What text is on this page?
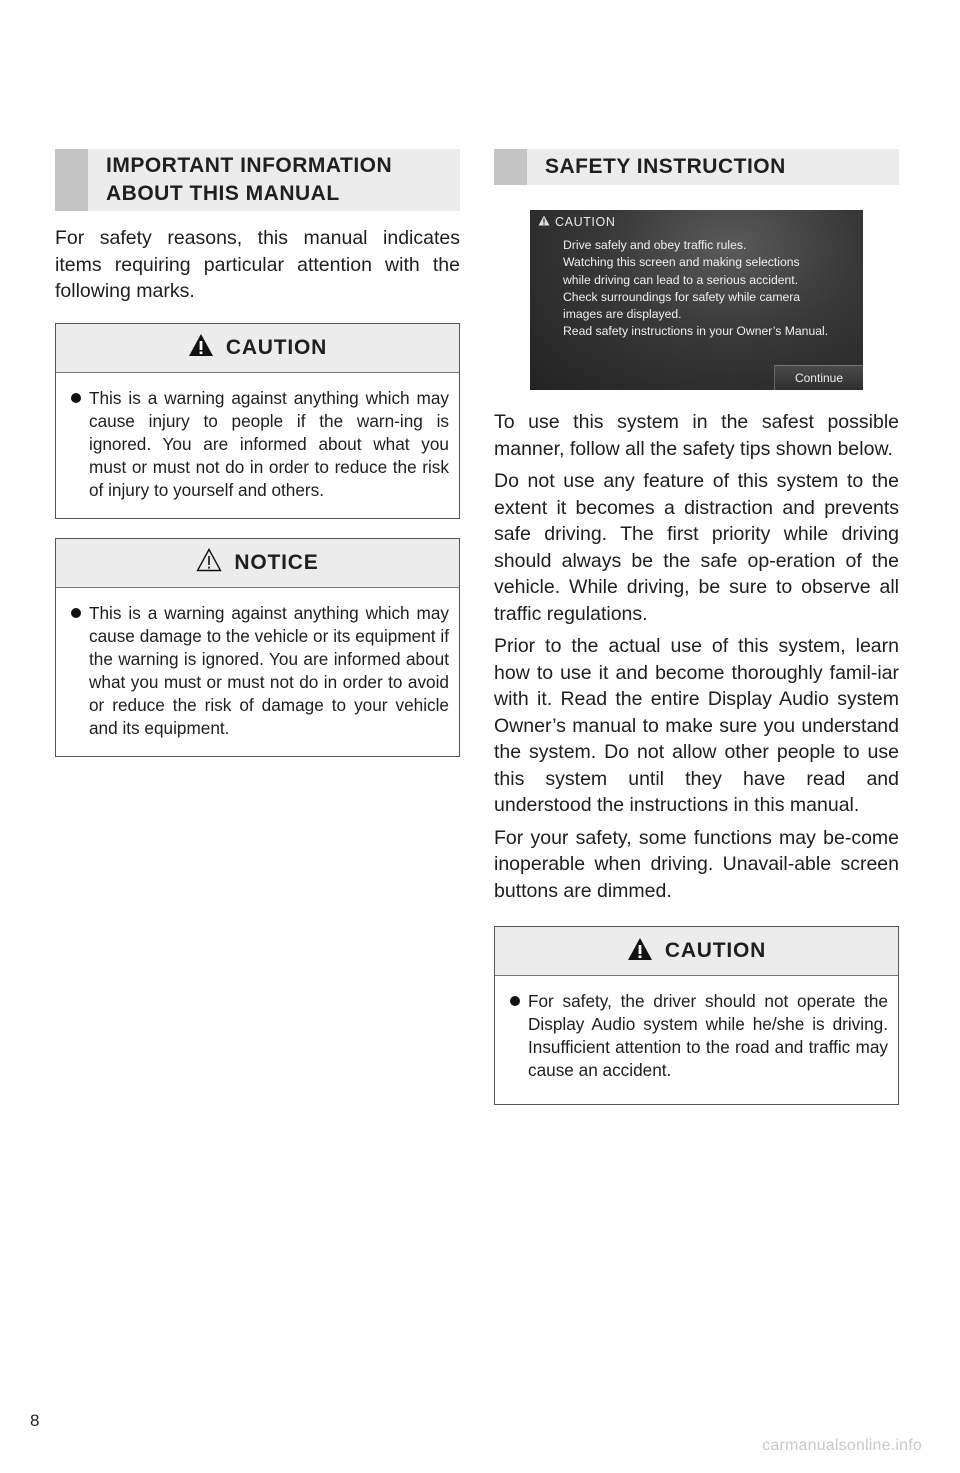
IMPORTANT INFORMATION
ABOUT THIS MANUAL

For safety reasons, this manual indicates items requiring particular attention with the following marks.

CAUTION
This is a warning against anything which may cause injury to people if the warn-ing is ignored. You are informed about what you must or must not do in order to reduce the risk of injury to yourself and others.
NOTICE
This is a warning against anything which may cause damage to the vehicle or its equipment if the warning is ignored. You are informed about what you must or must not do in order to avoid or reduce the risk of damage to your vehicle and its equipment.
SAFETY INSTRUCTION
CAUTION
Drive safely and obey traffic rules.
Watching this screen and making selections
while driving can lead to a serious accident.
Check surroundings for safety while camera
images are displayed.
Read safety instructions in your Owner’s Manual.
Continue

To use this system in the safest possible manner, follow all the safety tips shown below.

Do not use any feature of this system to the extent it becomes a distraction and prevents safe driving. The first priority while driving should always be the safe op-eration of the vehicle. While driving, be sure to observe all traffic regulations.

Prior to the actual use of this system, learn how to use it and become thoroughly famil-iar with it. Read the entire Display Audio system Owner’s manual to make sure you understand the system. Do not allow other people to use this system until they have read and understood the instructions in this manual.

For your safety, some functions may be-come inoperable when driving. Unavail-able screen buttons are dimmed.

CAUTION
For safety, the driver should not operate the Display Audio system while he/she is driving. Insufficient attention to the road and traffic may cause an accident.
8
carmanualsonline.info
